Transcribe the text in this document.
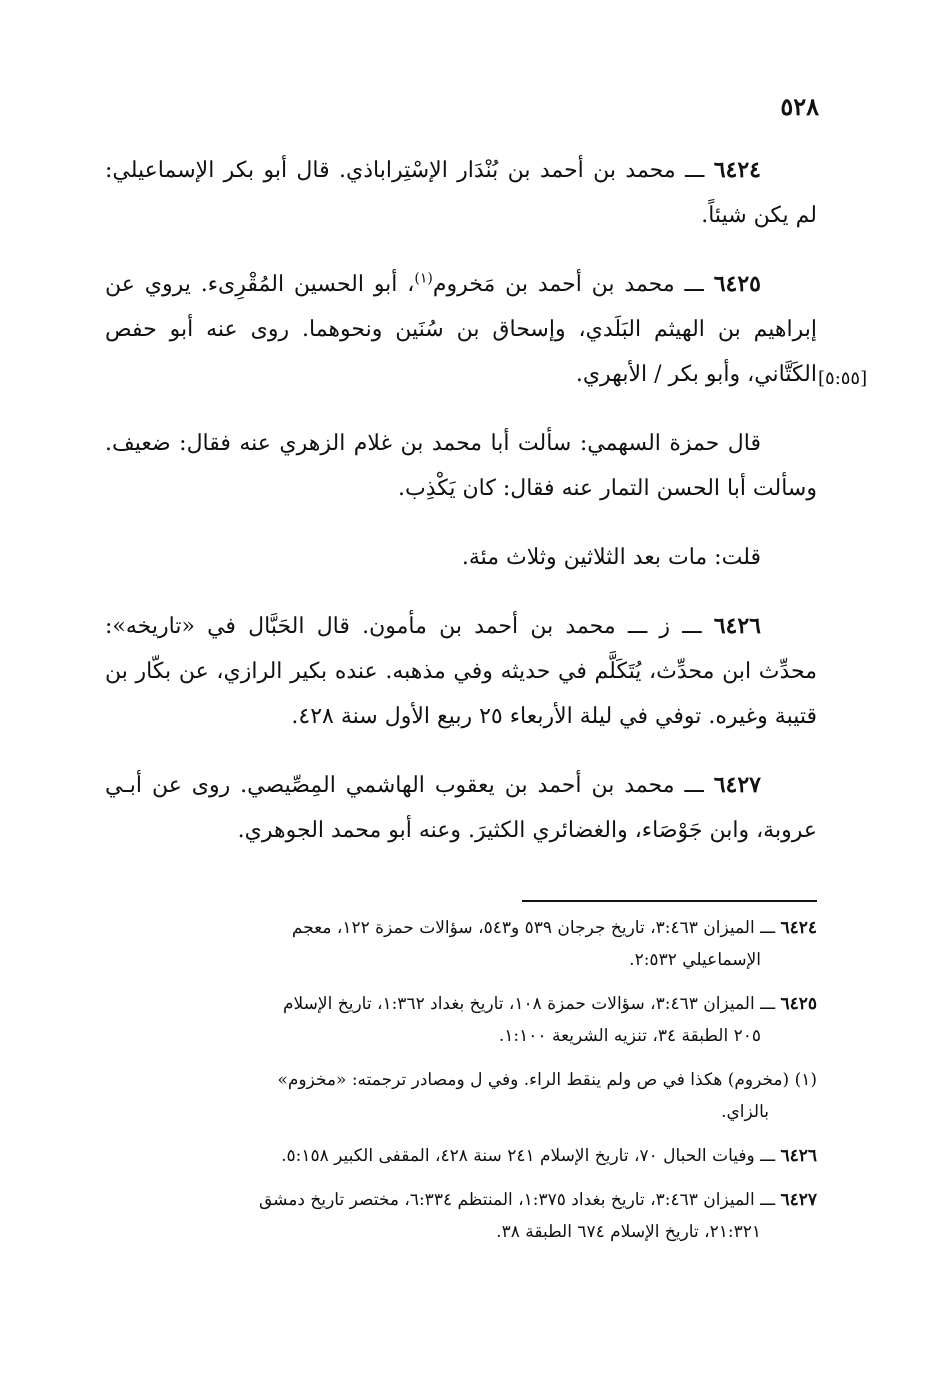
٥٢٨
[٥:٥٥]

٦٤٢٤ ـــ محمد بن أحمد بن بُنْدَار الإسْتِراباذي. قال أبو بكر الإسماعيلي: لم يكن شيئاً.

٦٤٢٥ ـــ محمد بن أحمد بن مَخروم$^{(١)}$، أبو الحسين المُقْرِىء. يروي عن إبراهيم بن الهيثم البَلَدي، وإسحاق بن سُنَين ونحوهما. روى عنه أبو حفص الكَتَّاني، وأبو بكر / الأبهري.

قال حمزة السهمي: سألت أبا محمد بن غلام الزهري عنه فقال: ضعيف. وسألت أبا الحسن التمار عنه فقال: كان يَكْذِب.

قلت: مات بعد الثلاثين وثلاث مئة.

٦٤٢٦ ـــ ز ـــ محمد بن أحمد بن مأمون. قال الحَبَّال في «تاريخه»: محدِّث ابن محدِّث، يُتَكَلَّم في حديثه وفي مذهبه. عنده بكير الرازي، عن بكّار بن قتيبة وغيره. توفي في ليلة الأربعاء ٢٥ ربيع الأول سنة ٤٢٨.

٦٤٢٧ ـــ محمد بن أحمد بن يعقوب الهاشمي المِصِّيصي. روى عن أبـي عروبة، وابن جَوْصَاء، والغضائري الكثيرَ. وعنه أبو محمد الجوهري.

٦٤٢٤ ـــ الميزان ٣:٤٦٣، تاريخ جرجان ٥٣٩ و٥٤٣، سؤالات حمزة ١٢٢، معجم
الإسماعيلي ٢:٥٣٢.
٦٤٢٥ ـــ الميزان ٣:٤٦٣، سؤالات حمزة ١٠٨، تاريخ بغداد ١:٣٦٢، تاريخ الإسلام
٢٠٥ الطبقة ٣٤، تنزيه الشريعة ١:١٠٠.
(١) (مخروم) هكذا في ص ولم ينقط الراء. وفي ل ومصادر ترجمته: «مخزوم»
بالزاي.
٦٤٢٦ ـــ وفيات الحبال ٧٠، تاريخ الإسلام ٢٤١ سنة ٤٢٨، المقفى الكبير ٥:١٥٨.
٦٤٢٧ ـــ الميزان ٣:٤٦٣، تاريخ بغداد ١:٣٧٥، المنتظم ٦:٣٣٤، مختصر تاريخ دمشق
٢١:٣٢١، تاريخ الإسلام ٦٧٤ الطبقة ٣٨.
